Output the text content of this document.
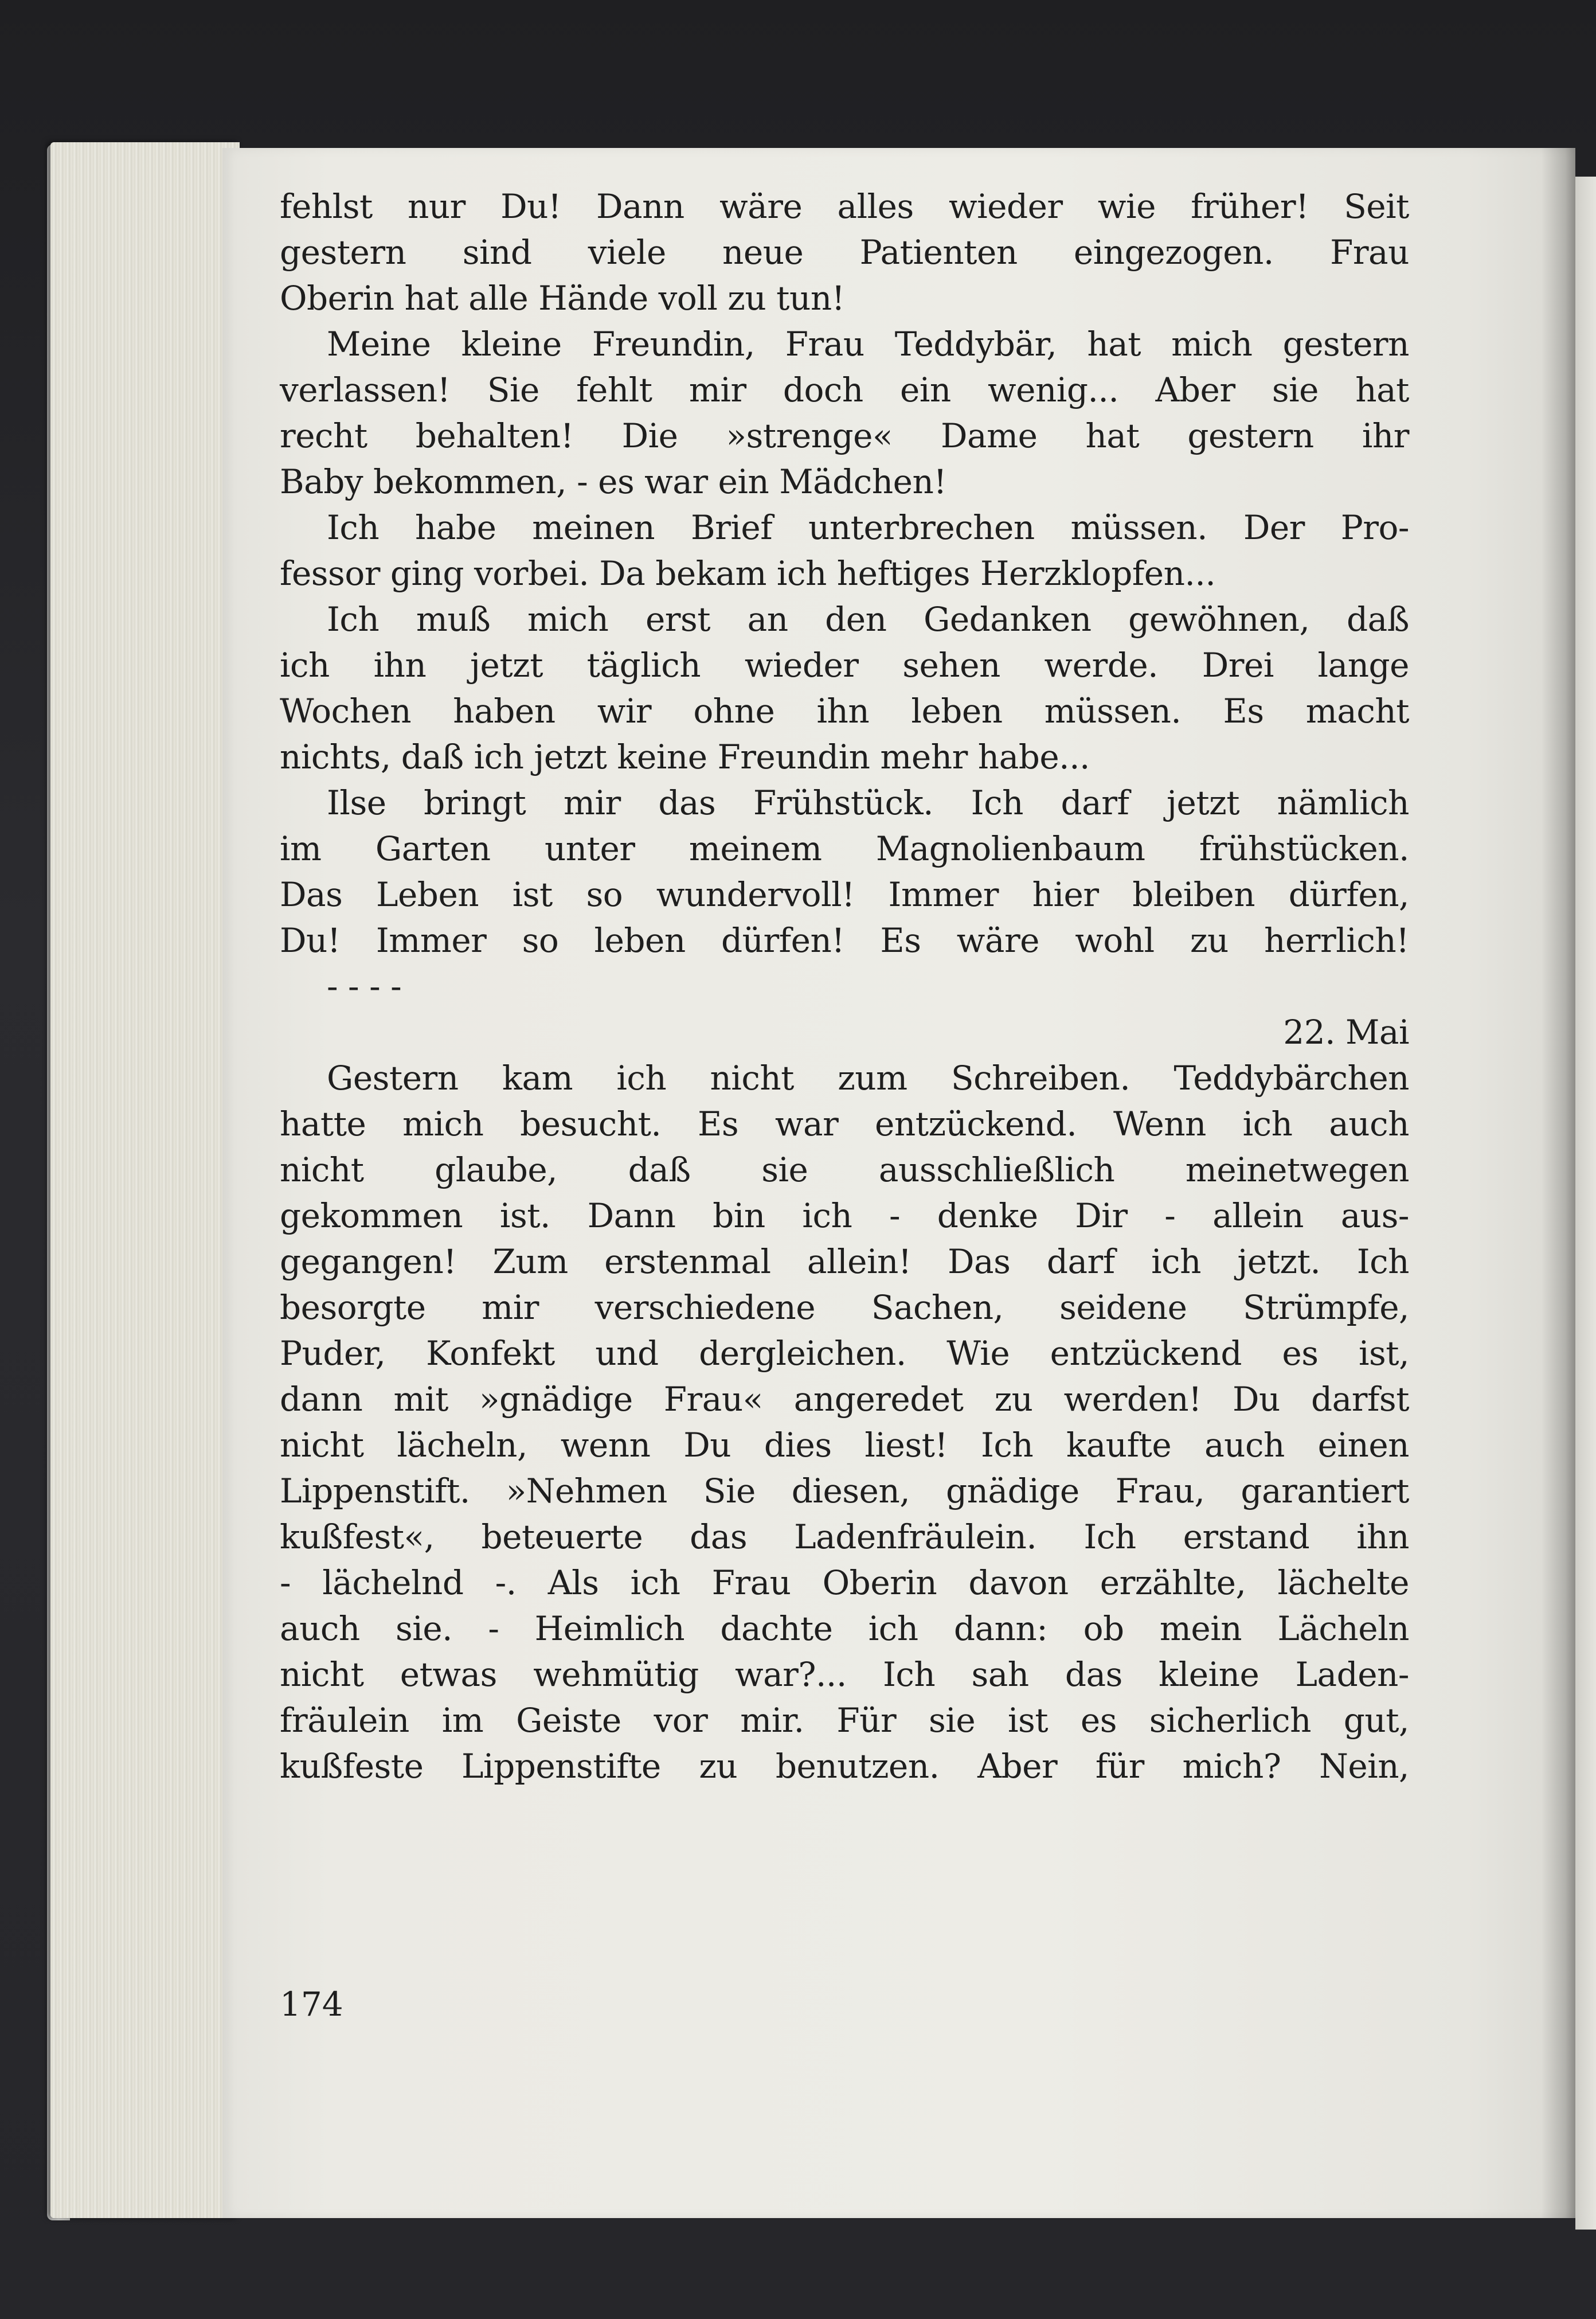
fehlst nur Du! Dann wäre alles wieder wie früher! Seit
gestern sind viele neue Patienten eingezogen. Frau
Oberin hat alle Hände voll zu tun!
Meine kleine Freundin, Frau Teddybär, hat mich gestern
verlassen! Sie fehlt mir doch ein wenig... Aber sie hat
recht behalten! Die »strenge« Dame hat gestern ihr
Baby bekommen, - es war ein Mädchen!
Ich habe meinen Brief unterbrechen müssen. Der Pro-
fessor ging vorbei. Da bekam ich heftiges Herzklopfen...
Ich muß mich erst an den Gedanken gewöhnen, daß
ich ihn jetzt täglich wieder sehen werde. Drei lange
Wochen haben wir ohne ihn leben müssen. Es macht
nichts, daß ich jetzt keine Freundin mehr habe...
Ilse bringt mir das Frühstück. Ich darf jetzt nämlich
im Garten unter meinem Magnolienbaum frühstücken.
Das Leben ist so wundervoll! Immer hier bleiben dürfen,
Du! Immer so leben dürfen! Es wäre wohl zu herrlich!
- - - -
22. Mai
Gestern kam ich nicht zum Schreiben. Teddybärchen
hatte mich besucht. Es war entzückend. Wenn ich auch
nicht glaube, daß sie ausschließlich meinetwegen
gekommen ist. Dann bin ich - denke Dir - allein aus-
gegangen! Zum erstenmal allein! Das darf ich jetzt. Ich
besorgte mir verschiedene Sachen, seidene Strümpfe,
Puder, Konfekt und dergleichen. Wie entzückend es ist,
dann mit »gnädige Frau« angeredet zu werden! Du darfst
nicht lächeln, wenn Du dies liest! Ich kaufte auch einen
Lippenstift. »Nehmen Sie diesen, gnädige Frau, garantiert
kußfest«, beteuerte das Ladenfräulein. Ich erstand ihn
- lächelnd -. Als ich Frau Oberin davon erzählte, lächelte
auch sie. - Heimlich dachte ich dann: ob mein Lächeln
nicht etwas wehmütig war?... Ich sah das kleine Laden-
fräulein im Geiste vor mir. Für sie ist es sicherlich gut,
kußfeste Lippenstifte zu benutzen. Aber für mich? Nein,
174
